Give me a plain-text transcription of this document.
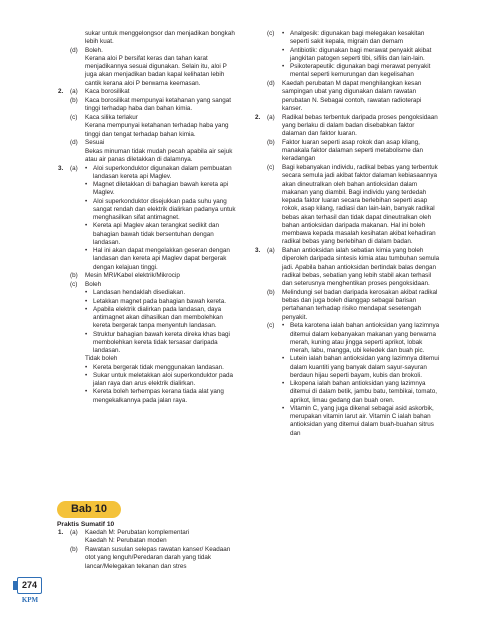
sukar untuk menggelongsor dan menjadikan bongkah lebih kuat.

(d)	Boleh.

Kerana aloi P bersifat keras dan tahan karat menjadikannya sesuai digunakan. Selain itu, aloi P juga akan menjadikan badan kapal kelihatan lebih cantik kerana aloi P berwarna keemasan.

2.	(a)	Kaca borosilikat

(b)	Kaca borosilikat mempunyai ketahanan yang sangat tinggi terhadap haba dan bahan kimia.

(c)	Kaca silika terlakur

Kerana mempunyai ketahanan terhadap haba yang tinggi dan tengat terhadap bahan kimia.

(d)	Sesuai

Bekas minuman tidak mudah pecah apabila air sejuk atau air panas diletakkan di dalamnya.

3.	(a)	• Aloi superkonduktor digunakan dalam pembuatan landasan kereta api Maglev.
• Magnet diletakkan di bahagian bawah kereta api Maglev.
• Aloi superkonduktor disejukkan pada suhu yang sangat rendah dan elektrik dialirkan padanya untuk menghasilkan sifat antimagnet.
• Kereta api Maglev akan terangkat sedikit dan bahagian bawah tidak bersentuhan dengan landasan.
• Hal ini akan dapat mengelakkan geseran dengan landasan dan kereta api Maglev dapat bergerak dengan kelajuan tinggi.
(b)	Mesin MRI/Kabel elektrik/Mikrocip

(c)	Boleh

• Landasan hendaklah disediakan.
• Letakkan magnet pada bahagian bawah kereta.
• Apabila elektrik dialirkan pada landasan, daya antimagnet akan dihasilkan dan membolehkan kereta bergerak tanpa menyentuh landasan.
• Struktur bahagian bawah kereta direka khas bagi membolehkan kereta tidak tersasar daripada landasan.

Tidak boleh

• Kereta bergerak tidak menggunakan landasan.
• Sukar untuk meletakkan aloi superkonduktor pada jalan raya dan arus elektrik dialirkan.
• Kereta boleh terhempas kerana tiada alat yang mengekalkannya pada jalan raya.
Bab 10
Praktis Sumatif 10
1.	(a)	Kaedah M: Perubatan komplementari

Kaedah N: Perubatan moden

(b)	Rawatan susulan selepas rawatan kanser/ Keadaan otot yang lenguh/Peredaran darah yang tidak lancar/Melegakan tekanan dan stres

(c)	• Analgesik: digunakan bagi melegakan kesakitan seperti sakit kepala, migrain dan demam
• Antibiotik: digunakan bagi merawat penyakit akibat jangkitan patogen seperti tibi, sifilis dan lain-lain.
• Psikoterapeutik: digunakan bagi merawat penyakit mental seperti kemurungan dan kegelisahan
(d)	Kaedah perubatan M dapat menghilangkan kesan sampingan ubat yang digunakan dalam rawatan perubatan N. Sebagai contoh, rawatan radioterapi kanser.

2.	(a)	Radikal bebas terbentuk daripada proses pengoksidaan yang berlaku di dalam badan disebabkan faktor dalaman dan faktor luaran.

(b)	Faktor luaran seperti asap rokok dan asap kilang, manakala faktor dalaman seperti metabolisme dan keradangan

(c)	Bagi kebanyakan individu, radikal bebas yang terbentuk secara semula jadi akibat faktor dalaman kebiasaannya akan dineutralkan oleh bahan antioksidan dalam makanan yang diambil. Bagi individu yang terdedah kepada faktor luaran secara berlebihan seperti asap rokok, asap kilang, radiasi dan lain-lain, banyak radikal bebas akan terhasil dan tidak dapat dineutralkan oleh bahan antioksidan daripada makanan. Hal ini boleh membawa kepada masalah kesihatan akibat kehadiran radikal bebas yang berlebihan di dalam badan.

3.	(a)	Bahan antioksidan ialah sebatian kimia yang boleh diperoleh daripada sintesis kimia atau tumbuhan semula jadi. Apabila bahan antioksidan bertindak balas dengan radikal bebas, sebatian yang lebih stabil akan terhasil dan seterusnya menghentikan proses pengoksidaan.

(b)	Melindungi sel badan daripada kerosakan akibat radikal bebas dan juga boleh dianggap sebagai barisan pertahanan terhadap risiko mendapat sesetengah penyakit.

(c)	• Beta karotena ialah bahan antioksidan yang lazimnya ditemui dalam kebanyakan makanan yang berwarna merah, kuning atau jingga seperti aprikot, lobak merah, labu, mangga, ubi keledek dan buah pic.
• Lutein ialah bahan antioksidan yang lazimnya ditemui dalam kuantiti yang banyak dalam sayur-sayuran berdaun hijau seperti bayam, kubis dan brokoli.
• Likopena ialah bahan antioksidan yang lazimnya ditemui di dalam betik, jambu batu, tembikai, tomato, aprikot, limau gedang dan buah oren.
• Vitamin C, yang juga dikenal sebagai asid askorbik, merupakan vitamin larut air. Vitamin C ialah bahan antioksidan yang ditemui dalam buah-buahan sitrus dan
274
KPM
